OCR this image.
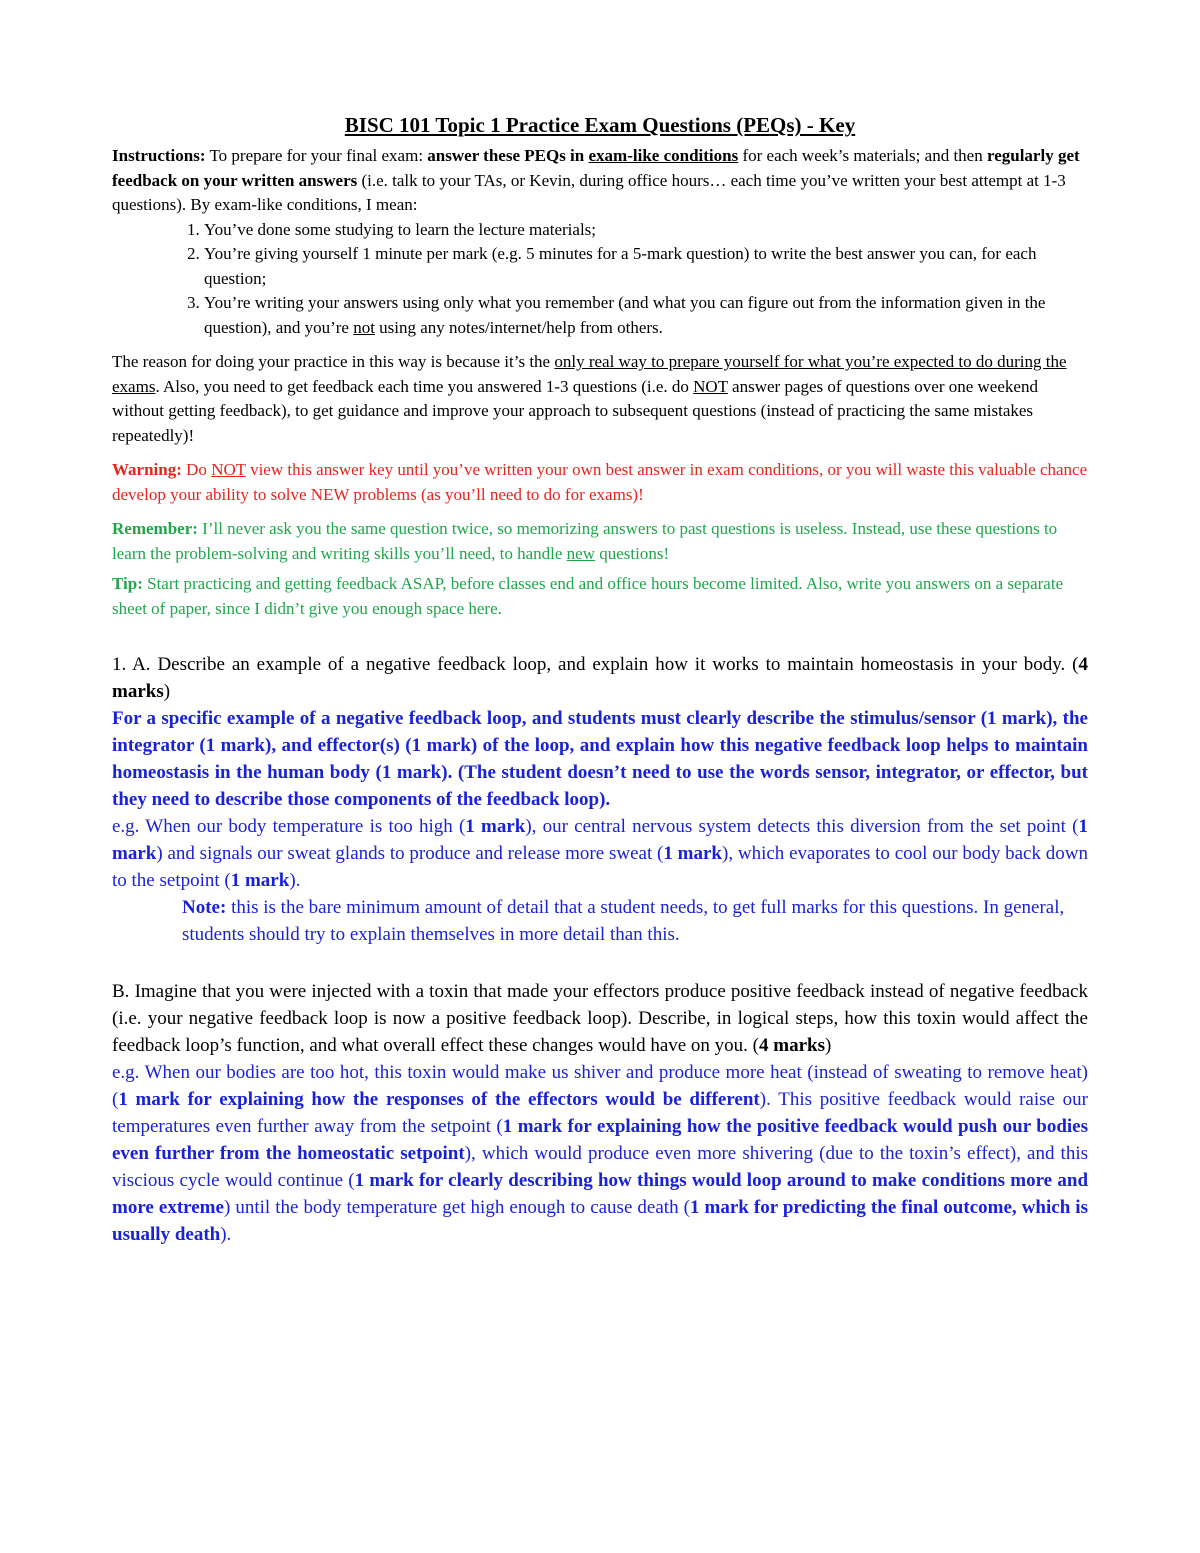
BISC 101 Topic 1 Practice Exam Questions (PEQs) - Key
Instructions: To prepare for your final exam: answer these PEQs in exam-like conditions for each week’s materials; and then regularly get feedback on your written answers (i.e. talk to your TAs, or Kevin, during office hours… each time you’ve written your best attempt at 1-3 questions). By exam-like conditions, I mean:
1. You’ve done some studying to learn the lecture materials;
2. You’re giving yourself 1 minute per mark (e.g. 5 minutes for a 5-mark question) to write the best answer you can, for each question;
3. You’re writing your answers using only what you remember (and what you can figure out from the information given in the question), and you’re not using any notes/internet/help from others.

The reason for doing your practice in this way is because it’s the only real way to prepare yourself for what you’re expected to do during the exams. Also, you need to get feedback each time you answered 1-3 questions (i.e. do NOT answer pages of questions over one weekend without getting feedback), to get guidance and improve your approach to subsequent questions (instead of practicing the same mistakes repeatedly)!

Warning: Do NOT view this answer key until you’ve written your own best answer in exam conditions, or you will waste this valuable chance develop your ability to solve NEW problems (as you’ll need to do for exams)!

Remember: I’ll never ask you the same question twice, so memorizing answers to past questions is useless. Instead, use these questions to learn the problem-solving and writing skills you’ll need, to handle new questions!

Tip: Start practicing and getting feedback ASAP, before classes end and office hours become limited. Also, write you answers on a separate sheet of paper, since I didn’t give you enough space here.

1. A. Describe an example of a negative feedback loop, and explain how it works to maintain homeostasis in your body. (4 marks)

For a specific example of a negative feedback loop, and students must clearly describe the stimulus/sensor (1 mark), the integrator (1 mark), and effector(s) (1 mark) of the loop, and explain how this negative feedback loop helps to maintain homeostasis in the human body (1 mark). (The student doesn’t need to use the words sensor, integrator, or effector, but they need to describe those components of the feedback loop).

e.g. When our body temperature is too high (1 mark), our central nervous system detects this diversion from the set point (1 mark) and signals our sweat glands to produce and release more sweat (1 mark), which evaporates to cool our body back down to the setpoint (1 mark).

Note: this is the bare minimum amount of detail that a student needs, to get full marks for this questions. In general, students should try to explain themselves in more detail than this.

B. Imagine that you were injected with a toxin that made your effectors produce positive feedback instead of negative feedback (i.e. your negative feedback loop is now a positive feedback loop). Describe, in logical steps, how this toxin would affect the feedback loop’s function, and what overall effect these changes would have on you. (4 marks)

e.g. When our bodies are too hot, this toxin would make us shiver and produce more heat (instead of sweating to remove heat) (1 mark for explaining how the responses of the effectors would be different). This positive feedback would raise our temperatures even further away from the setpoint (1 mark for explaining how the positive feedback would push our bodies even further from the homeostatic setpoint), which would produce even more shivering (due to the toxin’s effect), and this viscious cycle would continue (1 mark for clearly describing how things would loop around to make conditions more and more extreme) until the body temperature get high enough to cause death (1 mark for predicting the final outcome, which is usually death).
